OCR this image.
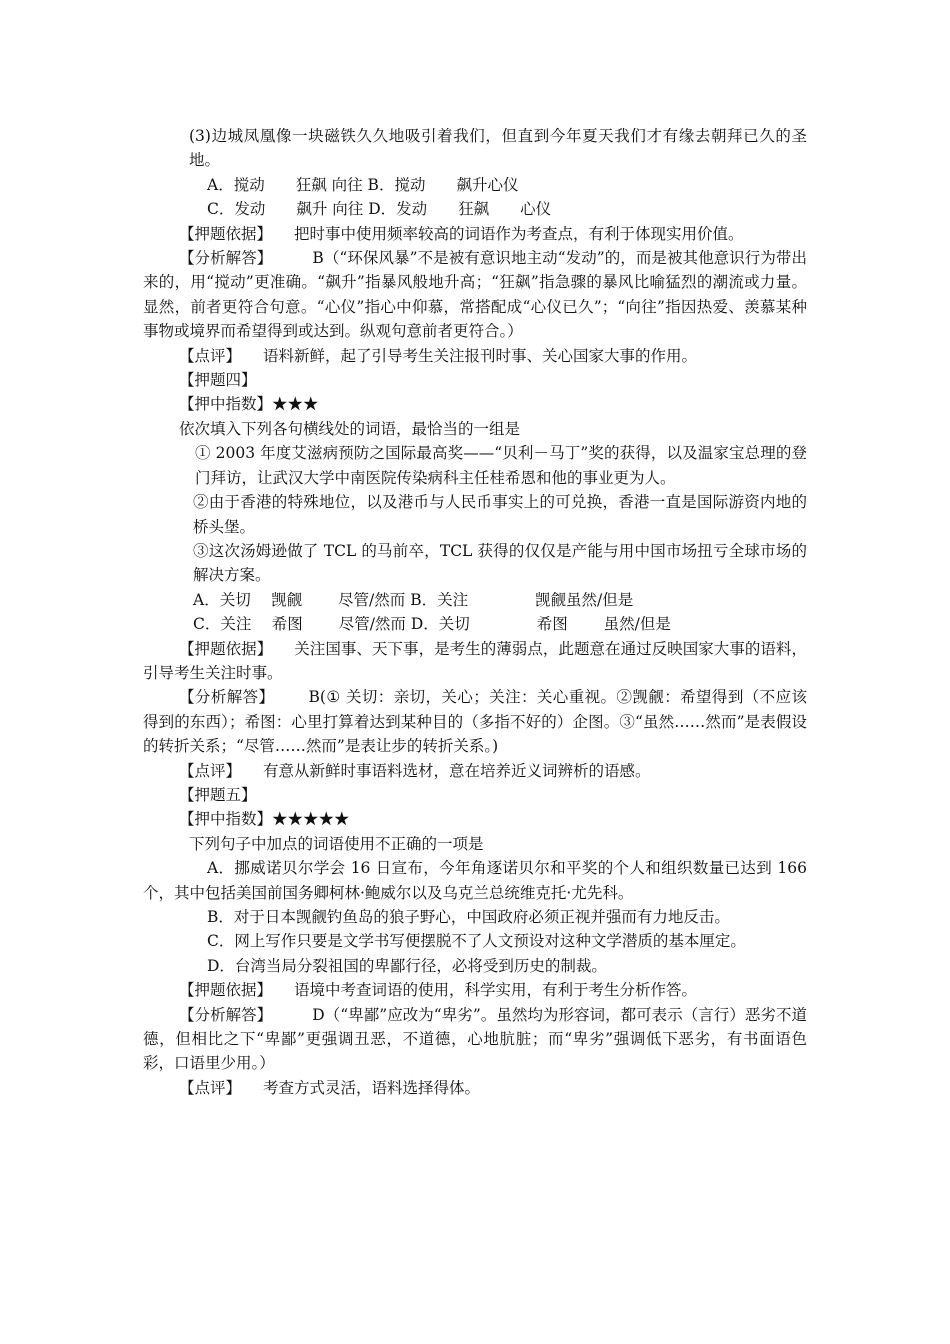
(3)边城凤凰像一块磁铁久久地吸引着我们，但直到今年夏天我们才有缘去朝拜已久的圣地。

A．搅动　　狂飙 向往 B．搅动　　飙升心仪

C．发动　　飙升 向往 D．发动　　狂飙　　心仪

【押题依据】 把时事中使用频率较高的词语作为考查点，有利于体现实用价值。

【分析解答】	B（“环保风暴”不是被有意识地主动“发动”的，而是被其他意识行为带出来的，用“搅动”更准确。“飙升”指暴风般地升高；“狂飙”指急骤的暴风比喻猛烈的潮流或力量。显然，前者更符合句意。“心仪”指心中仰慕，常搭配成“心仪已久”；“向往”指因热爱、羡慕某种事物或境界而希望得到或达到。纵观句意前者更符合。）

【点评】 语料新鲜，起了引导考生关注报刊时事、关心国家大事的作用。

【押题四】

【押中指数】★★★

依次填入下列各句横线处的词语，最恰当的一组是

① 2003 年度艾滋病预防之国际最高奖——“贝利－马丁”奖的获得，以及温家宝总理的登门拜访，让武汉大学中南医院传染病科主任桂希恩和他的事业更为人。

②由于香港的特殊地位，以及港币与人民币事实上的可兑换，香港一直是国际游资内地的桥头堡。

③这次汤姆逊做了 TCL 的马前卒，TCL 获得的仅仅是产能与用中国市场扭亏全球市场的解决方案。

A．关切　 觊觎　　 尽管/然而 B．关注　　　　 觊觎虽然/但是

C．关注　 希图　　 尽管/然而 D．关切　　　　 希图　　 虽然/但是

【押题依据】 关注国事、天下事，是考生的薄弱点，此题意在通过反映国家大事的语料，引导考生关注时事。

【分析解答】 B(① 关切：亲切，关心；关注：关心重视。②觊觎：希望得到（不应该得到的东西）；希图：心里打算着达到某种目的（多指不好的）企图。③“虽然……然而”是表假设的转折关系；“尽管……然而”是表让步的转折关系。)

【点评】 有意从新鲜时事语料选材，意在培养近义词辨析的语感。

【押题五】

【押中指数】★★★★★

下列句子中加点的词语使用不正确的一项是

A．挪威诺贝尔学会 16 日宣布，今年角逐诺贝尔和平奖的个人和组织数量已达到 166 个，其中包括美国前国务卿柯林·鲍威尔以及乌克兰总统维克托·尤先科。

B．对于日本觊觎钓鱼岛的狼子野心，中国政府必须正视并强而有力地反击。

C．网上写作只要是文学书写便摆脱不了人文预设对这种文学潜质的基本厘定。

D．台湾当局分裂祖国的卑鄙行径，必将受到历史的制裁。

【押题依据】 语境中考查词语的使用，科学实用，有利于考生分析作答。

【分析解答】	D（“卑鄙”应改为“卑劣”。虽然均为形容词，都可表示（言行）恶劣不道德，但相比之下“卑鄙”更强调丑恶，不道德，心地肮脏；而“卑劣”强调低下恶劣，有书面语色彩，口语里少用。）

【点评】 考查方式灵活，语料选择得体。
